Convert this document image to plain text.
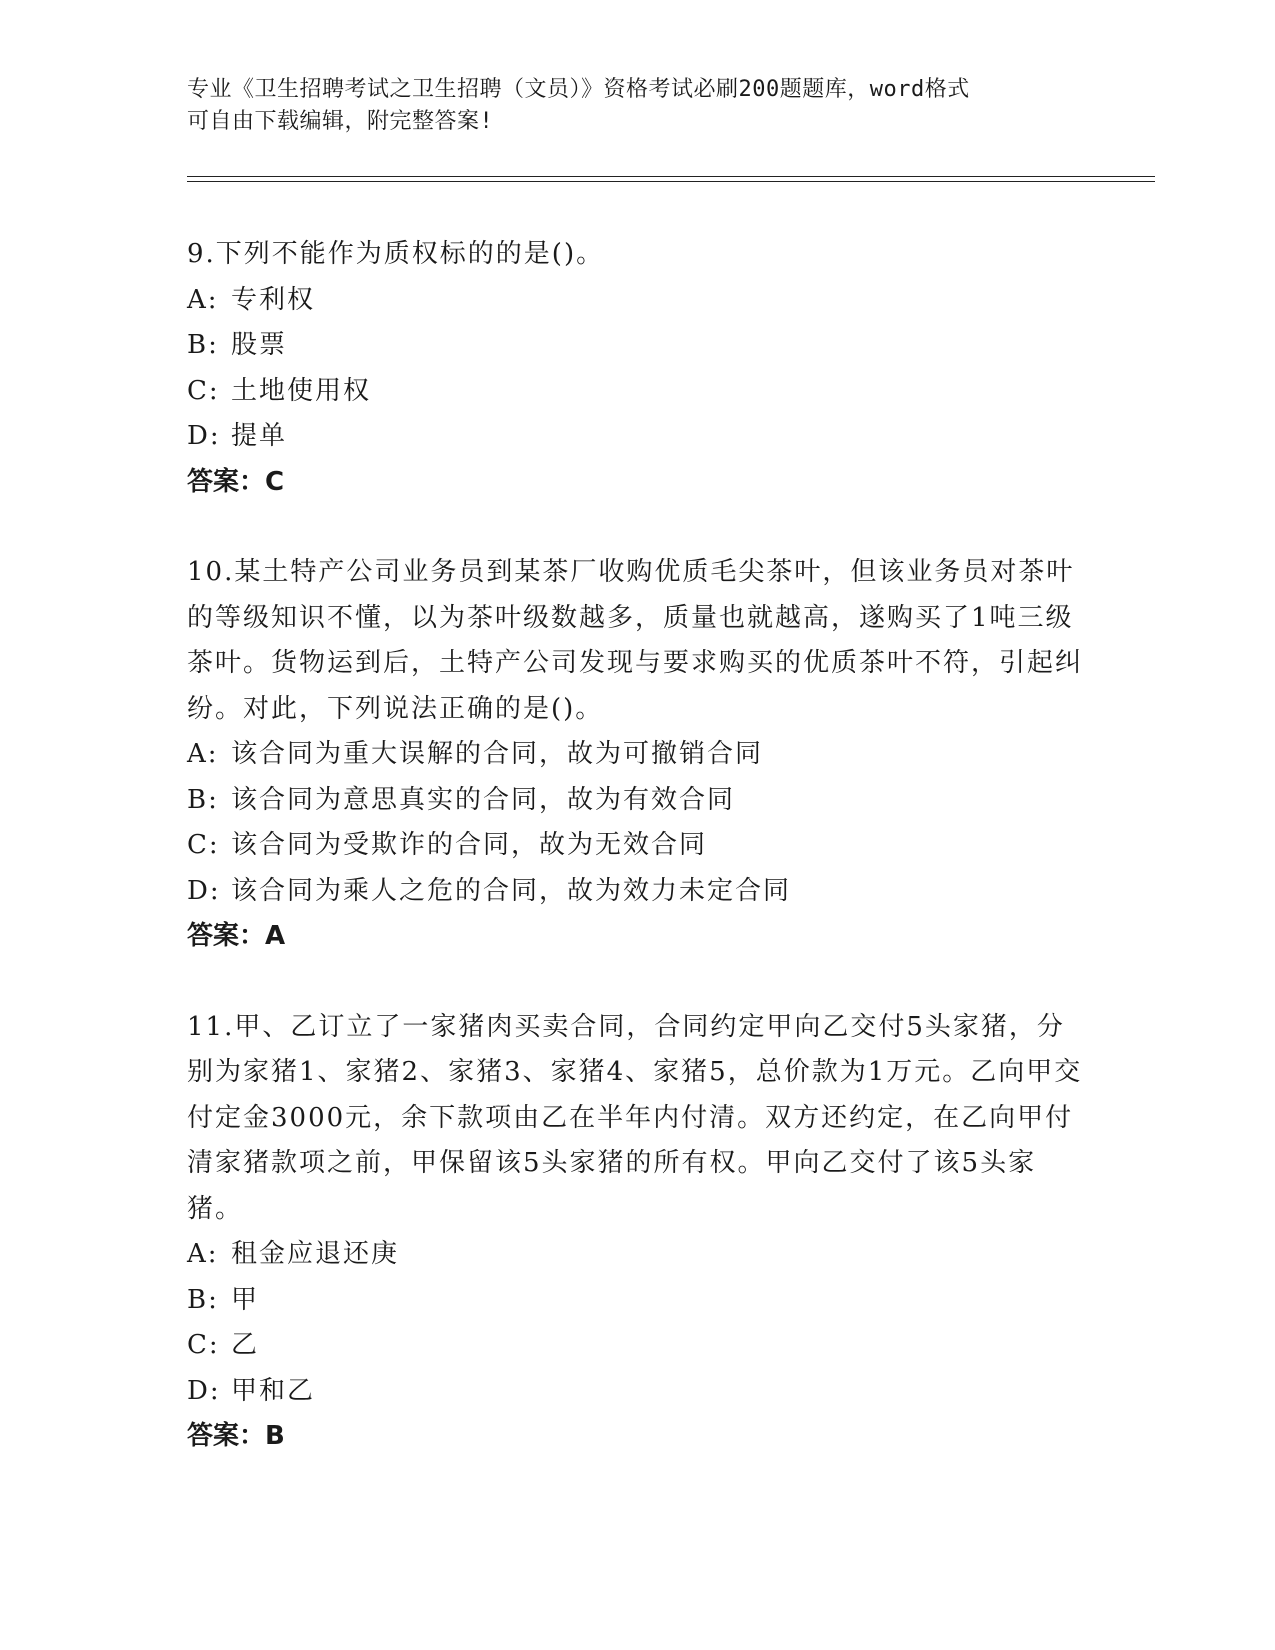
专业《卫生招聘考试之卫生招聘（文员）》资格考试必刷200题题库，word格式
可自由下载编辑，附完整答案!
9.下列不能作为质权标的的是()。
A: 专利权
B: 股票
C: 土地使用权
D: 提单
答案：C
10.某土特产公司业务员到某茶厂收购优质毛尖茶叶，但该业务员对茶叶的等级知识不懂，以为茶叶级数越多，质量也就越高，遂购买了1吨三级茶叶。货物运到后，土特产公司发现与要求购买的优质茶叶不符，引起纠纷。对此，下列说法正确的是()。
A: 该合同为重大误解的合同，故为可撤销合同
B: 该合同为意思真实的合同，故为有效合同
C: 该合同为受欺诈的合同，故为无效合同
D: 该合同为乘人之危的合同，故为效力未定合同
答案：A
11.甲、乙订立了一家猪肉买卖合同，合同约定甲向乙交付5头家猪，分别为家猪1、家猪2、家猪3、家猪4、家猪5，总价款为1万元。乙向甲交付定金3000元，余下款项由乙在半年内付清。双方还约定，在乙向甲付清家猪款项之前，甲保留该5头家猪的所有权。甲向乙交付了该5头家猪。
A: 租金应退还庚
B: 甲
C: 乙
D: 甲和乙
答案：B
